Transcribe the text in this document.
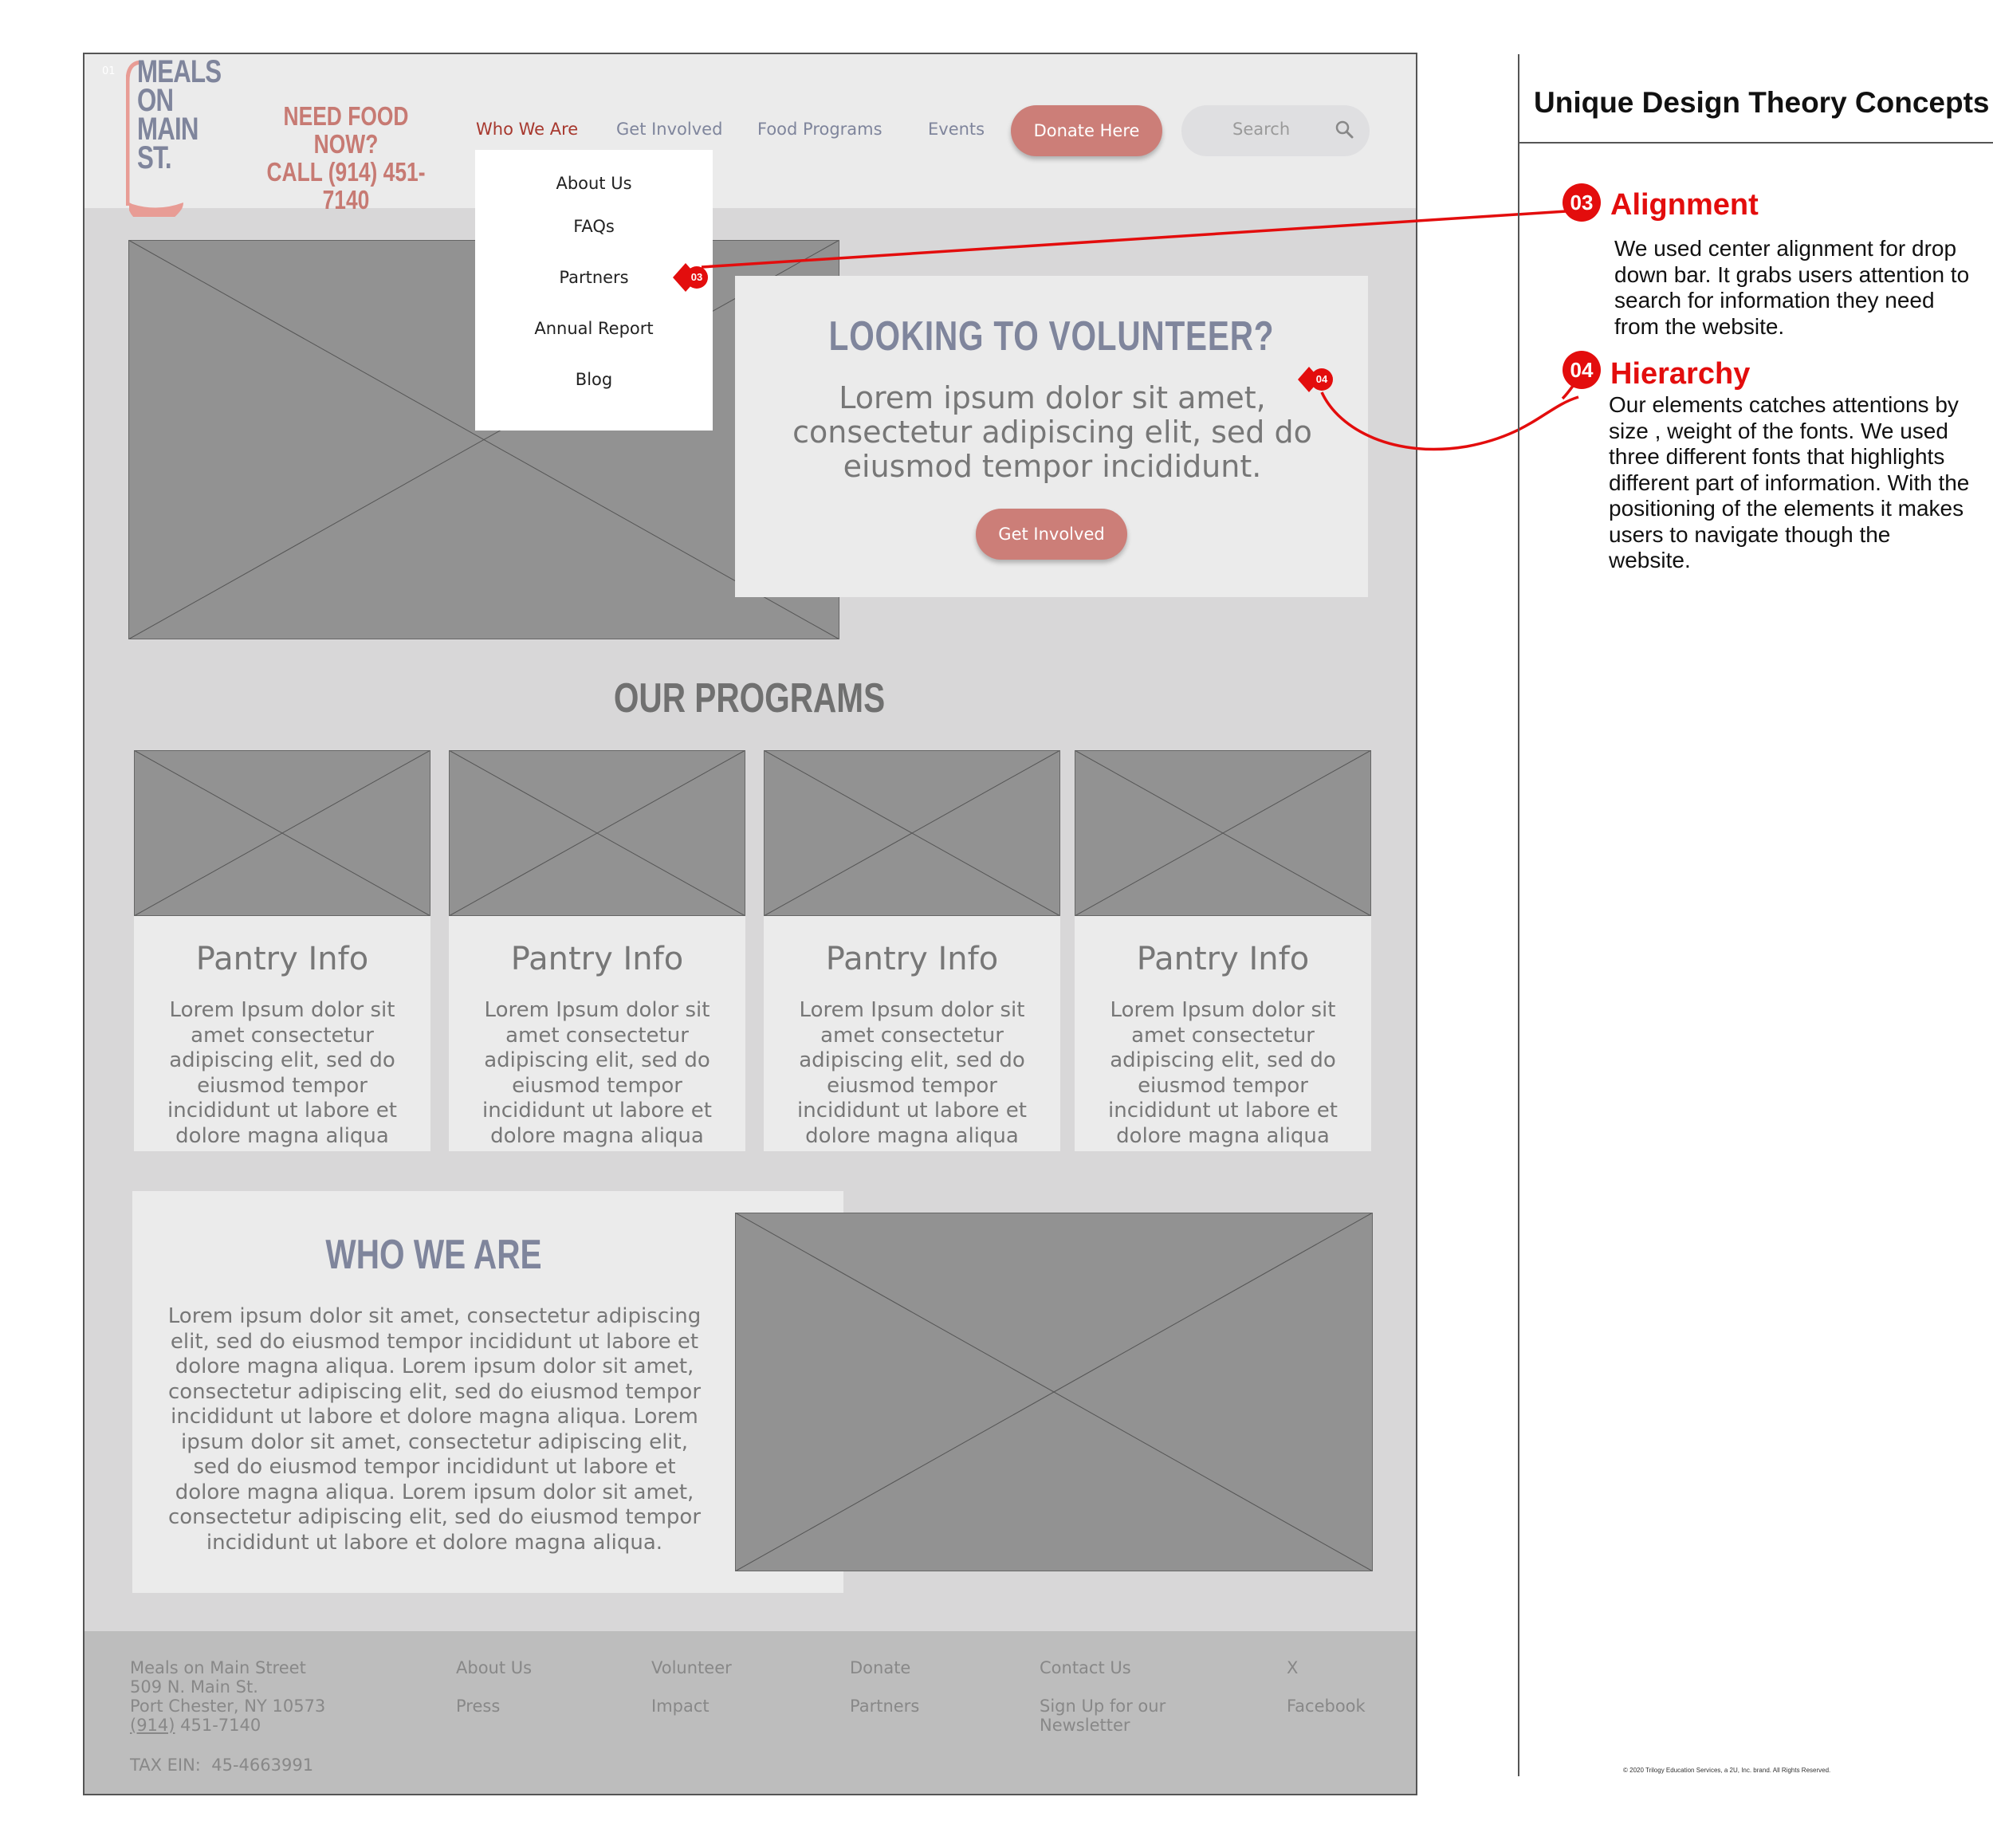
01 MEALS
ON
MAIN
ST.
NEED FOOD NOW?
CALL (914) 451-7140
Who We Are Get Involved Food Programs	Events	Donate Here	Search
About Us
FAQs
Partners
Annual Report
Blog
LOOKING TO VOLUNTEER?
Lorem ipsum dolor sit amet, consectetur adipiscing elit, sed do eiusmod tempor incididunt.
Get Involved
OUR PROGRAMS
Pantry Info
Lorem Ipsum dolor sit amet consectetur adipiscing elit, sed do eiusmod tempor incididunt ut labore et dolore magna aliqua
Pantry Info
Lorem Ipsum dolor sit amet consectetur adipiscing elit, sed do eiusmod tempor incididunt ut labore et dolore magna aliqua
Pantry Info
Lorem Ipsum dolor sit amet consectetur adipiscing elit, sed do eiusmod tempor incididunt ut labore et dolore magna aliqua
Pantry Info
Lorem Ipsum dolor sit amet consectetur adipiscing elit, sed do eiusmod tempor incididunt ut labore et dolore magna aliqua
WHO WE ARE
Lorem ipsum dolor sit amet, consectetur adipiscing elit, sed do eiusmod tempor incididunt ut labore et dolore magna aliqua. Lorem ipsum dolor sit amet, consectetur adipiscing elit, sed do eiusmod tempor incididunt ut labore et dolore magna aliqua. Lorem ipsum dolor sit amet, consectetur adipiscing elit, sed do eiusmod tempor incididunt ut labore et dolore magna aliqua. Lorem ipsum dolor sit amet, consectetur adipiscing elit, sed do eiusmod tempor incididunt ut labore et dolore magna aliqua.
Meals on Main Street
509 N. Main St.
Port Chester, NY 10573
(914) 451-7140
TAX EIN: 45-4663991
About Us
Press
Volunteer
Impact
Donate
Partners
Contact Us
Sign Up for our Newsletter
X
Facebook
03
04
Unique Design Theory Concepts
03 Alignment
We used center alignment for drop down bar. It grabs users attention to search for information they need from the website.
04 Hierarchy
Our elements catches attentions by size , weight of the fonts. We used three different fonts that highlights different part of information. With the positioning of the elements it makes users to navigate though the website.
© 2020 Trilogy Education Services, a 2U, Inc. brand. All Rights Reserved.
